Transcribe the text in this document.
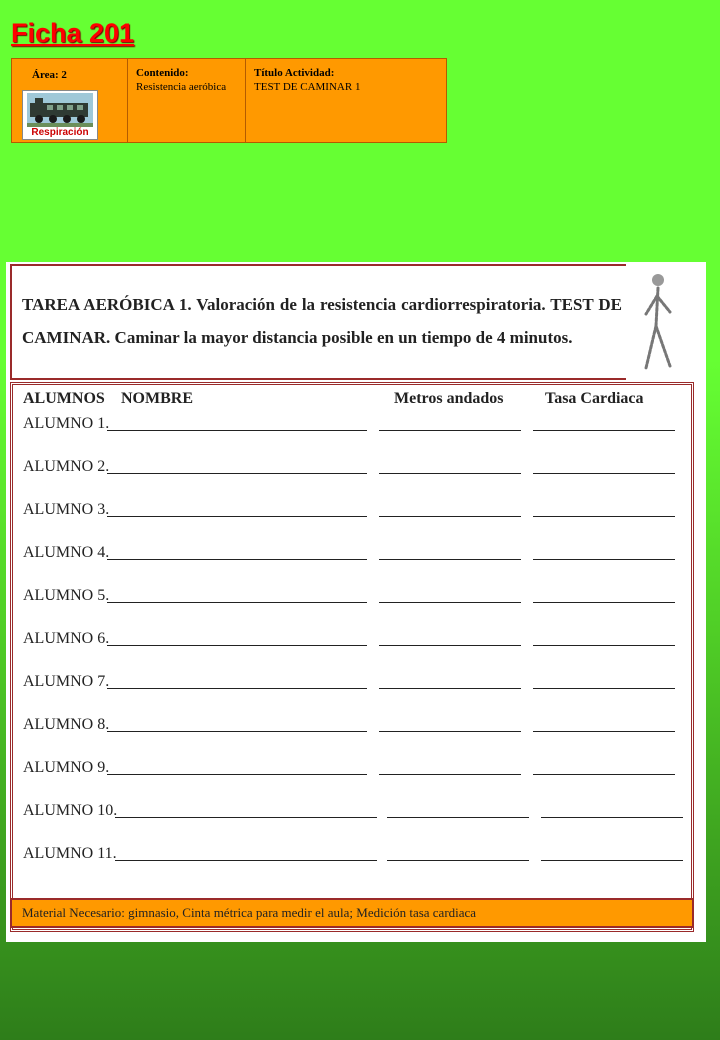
Ficha 201
Área: 2
Respiración
Contenido:
Resistencia aeróbica
Título Actividad:
TEST DE CAMINAR 1
TAREA AERÓBICA 1. Valoración de la resistencia cardiorrespiratoria. TEST DE CAMINAR. Caminar la mayor distancia posible en un tiempo de 4 minutos.
ALUMNOS NOMBRE	Metros andados	Tasa Cardiaca
ALUMNO 1.
ALUMNO 2.
ALUMNO 3.
ALUMNO 4.
ALUMNO 5.
ALUMNO 6.
ALUMNO 7.
ALUMNO 8.
ALUMNO 9.
ALUMNO 10.
ALUMNO 11.
Material Necesario: gimnasio, Cinta métrica para medir el aula; Medición tasa cardiaca
